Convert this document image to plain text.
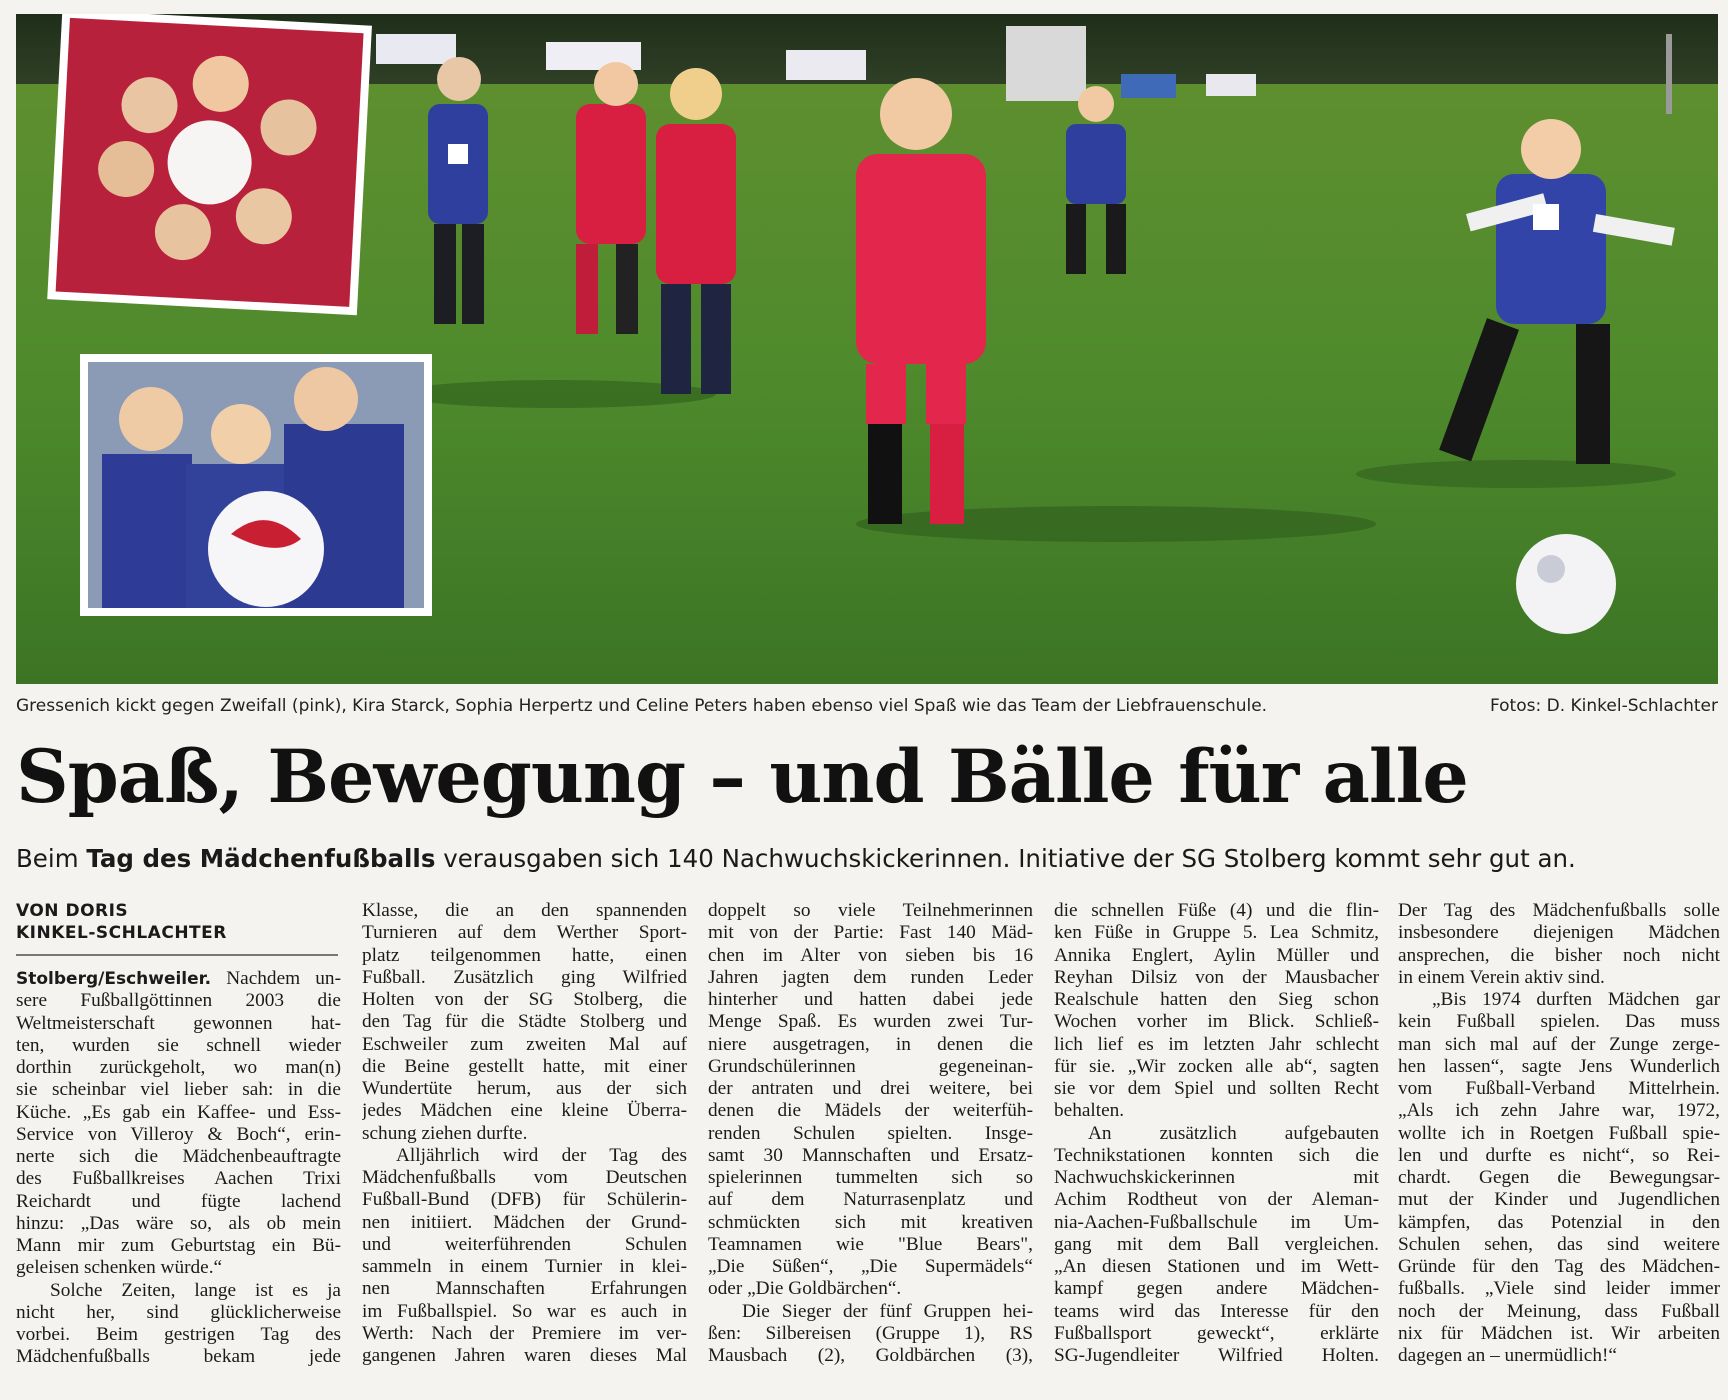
Gressenich kickt gegen Zweifall (pink), Kira Starck, Sophia Herpertz und Celine Peters haben ebenso viel Spaß wie das Team der Liebfrauenschule.	Fotos: D. Kinkel-Schlachter
Spaß, Bewegung – und Bälle für alle
Beim Tag des Mädchenfußballs verausgaben sich 140 Nachwuchskickerinnen. Initiative der SG Stolberg kommt sehr gut an.
VON DORIS
KINKEL-SCHLACHTER
Stolberg/Eschweiler. Nachdem un-
sere Fußballgöttinnen 2003 die
Weltmeisterschaft gewonnen hat-
ten, wurden sie schnell wieder
dorthin zurückgeholt, wo man(n)
sie scheinbar viel lieber sah: in die
Küche. „Es gab ein Kaffee- und Ess-
Service von Villeroy & Boch“, erin-
nerte sich die Mädchenbeauftragte
des Fußballkreises Aachen Trixi
Reichardt und fügte lachend
hinzu: „Das wäre so, als ob mein
Mann mir zum Geburtstag ein Bü-
geleisen schenken würde.“
Solche Zeiten, lange ist es ja
nicht her, sind glücklicherweise
vorbei. Beim gestrigen Tag des
Mädchenfußballs bekam jede
Klasse, die an den spannenden
Turnieren auf dem Werther Sport-
platz teilgenommen hatte, einen
Fußball. Zusätzlich ging Wilfried
Holten von der SG Stolberg, die
den Tag für die Städte Stolberg und
Eschweiler zum zweiten Mal auf
die Beine gestellt hatte, mit einer
Wundertüte herum, aus der sich
jedes Mädchen eine kleine Überra-
schung ziehen durfte.
Alljährlich wird der Tag des
Mädchenfußballs vom Deutschen
Fußball-Bund (DFB) für Schülerin-
nen initiiert. Mädchen der Grund-
und weiterführenden Schulen
sammeln in einem Turnier in klei-
nen Mannschaften Erfahrungen
im Fußballspiel. So war es auch in
Werth: Nach der Premiere im ver-
gangenen Jahren waren dieses Mal
doppelt so viele Teilnehmerinnen
mit von der Partie: Fast 140 Mäd-
chen im Alter von sieben bis 16
Jahren jagten dem runden Leder
hinterher und hatten dabei jede
Menge Spaß. Es wurden zwei Tur-
niere ausgetragen, in denen die
Grundschülerinnen gegeneinan-
der antraten und drei weitere, bei
denen die Mädels der weiterfüh-
renden Schulen spielten. Insge-
samt 30 Mannschaften und Ersatz-
spielerinnen tummelten sich so
auf dem Naturrasenplatz und
schmückten sich mit kreativen
Teamnamen wie "Blue Bears",
„Die Süßen“, „Die Supermädels“
oder „Die Goldbärchen“.
Die Sieger der fünf Gruppen hei-
ßen: Silbereisen (Gruppe 1), RS
Mausbach (2), Goldbärchen (3),
die schnellen Füße (4) und die flin-
ken Füße in Gruppe 5. Lea Schmitz,
Annika Englert, Aylin Müller und
Reyhan Dilsiz von der Mausbacher
Realschule hatten den Sieg schon
Wochen vorher im Blick. Schließ-
lich lief es im letzten Jahr schlecht
für sie. „Wir zocken alle ab“, sagten
sie vor dem Spiel und sollten Recht
behalten.
An zusätzlich aufgebauten
Technikstationen konnten sich die
Nachwuchskickerinnen mit
Achim Rodtheut von der Aleman-
nia-Aachen-Fußballschule im Um-
gang mit dem Ball vergleichen.
„An diesen Stationen und im Wett-
kampf gegen andere Mädchen-
teams wird das Interesse für den
Fußballsport geweckt“, erklärte
SG-Jugendleiter Wilfried Holten.
Der Tag des Mädchenfußballs solle
insbesondere diejenigen Mädchen
ansprechen, die bisher noch nicht
in einem Verein aktiv sind.
„Bis 1974 durften Mädchen gar
kein Fußball spielen. Das muss
man sich mal auf der Zunge zerge-
hen lassen“, sagte Jens Wunderlich
vom Fußball-Verband Mittelrhein.
„Als ich zehn Jahre war, 1972,
wollte ich in Roetgen Fußball spie-
len und durfte es nicht“, so Rei-
chardt. Gegen die Bewegungsar-
mut der Kinder und Jugendlichen
kämpfen, das Potenzial in den
Schulen sehen, das sind weitere
Gründe für den Tag des Mädchen-
fußballs. „Viele sind leider immer
noch der Meinung, dass Fußball
nix für Mädchen ist. Wir arbeiten
dagegen an – unermüdlich!“
